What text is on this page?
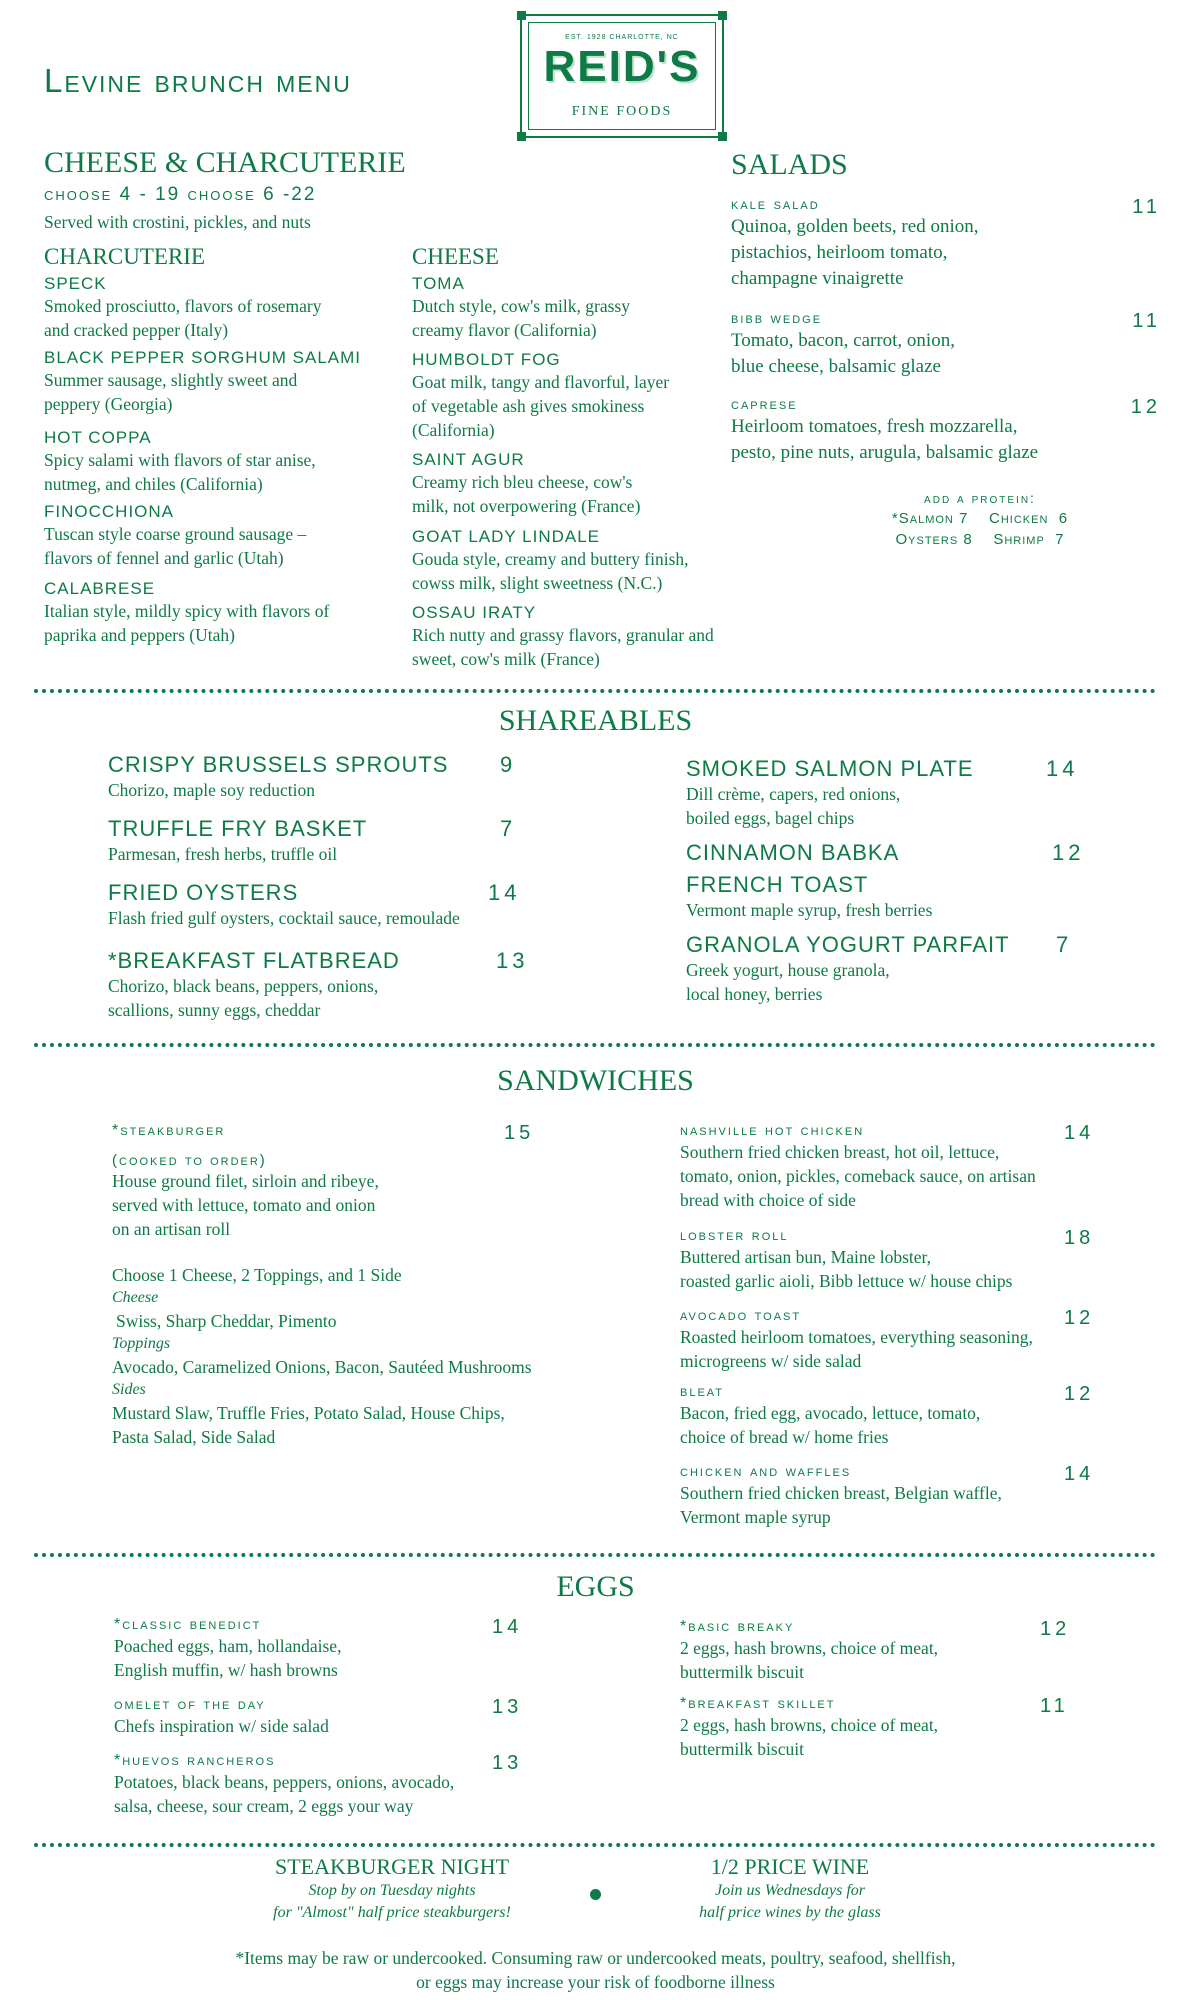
Levine brunch menu
EST. 1928 CHARLOTTE, NC
REID'S
FINE FOODS
CHEESE & CHARCUTERIE
choose 4 - 19 choose 6 -22
Served with crostini, pickles, and nuts
CHARCUTERIE
SPECK
Smoked prosciutto, flavors of rosemary
and cracked pepper (Italy)
BLACK PEPPER SORGHUM SALAMI
Summer sausage, slightly sweet and
peppery (Georgia)
HOT COPPA
Spicy salami with flavors of star anise,
nutmeg, and chiles (California)
FINOCCHIONA
Tuscan style coarse ground sausage –
flavors of fennel and garlic (Utah)
CALABRESE
Italian style, mildly spicy with flavors of
paprika and peppers (Utah)
CHEESE
TOMA
Dutch style, cow's milk, grassy
creamy flavor (California)
HUMBOLDT FOG
Goat milk, tangy and flavorful, layer
of vegetable ash gives smokiness
(California)
SAINT AGUR
Creamy rich bleu cheese, cow's
milk, not overpowering (France)
GOAT LADY LINDALE
Gouda style, creamy and buttery finish,
cowss milk, slight sweetness (N.C.)
OSSAU IRATY
Rich nutty and grassy flavors, granular and
sweet, cow's milk (France)
SALADS
kale salad	11
Quinoa, golden beets, red onion,
pistachios, heirloom tomato,
champagne vinaigrette
bibb wedge	11
Tomato, bacon, carrot, onion,
blue cheese, balsamic glaze
caprese	12
Heirloom tomatoes, fresh mozzarella,
pesto, pine nuts, arugula, balsamic glaze
add a protein:
*Salmon 7    Chicken  6
Oysters 8    Shrimp  7
SHAREABLES
CRISPY BRUSSELS SPROUTS	9
Chorizo, maple soy reduction
TRUFFLE FRY BASKET	7
Parmesan, fresh herbs, truffle oil
FRIED OYSTERS	14
Flash fried gulf oysters, cocktail sauce, remoulade
*BREAKFAST FLATBREAD	13
Chorizo, black beans, peppers, onions,
scallions, sunny eggs, cheddar
SMOKED SALMON PLATE	14
Dill crème, capers, red onions,
boiled eggs, bagel chips
CINNAMON BABKA	12
FRENCH TOAST
Vermont maple syrup, fresh berries
GRANOLA YOGURT PARFAIT	7
Greek yogurt, house granola,
local honey, berries
SANDWICHES
*steakburger	15
(cooked to order)
House ground filet, sirloin and ribeye,
served with lettuce, tomato and onion
on an artisan roll
Choose 1 Cheese, 2 Toppings, and 1 Side
Cheese
Swiss, Sharp Cheddar, Pimento
Toppings
Avocado, Caramelized Onions, Bacon, Sautéed Mushrooms
Sides
Mustard Slaw, Truffle Fries, Potato Salad, House Chips,
Pasta Salad, Side Salad
nashville hot chicken	14
Southern fried chicken breast, hot oil, lettuce,
tomato, onion, pickles, comeback sauce, on artisan
bread with choice of side
lobster roll	18
Buttered artisan bun, Maine lobster,
roasted garlic aioli, Bibb lettuce w/ house chips
avocado toast	12
Roasted heirloom tomatoes, everything seasoning,
microgreens w/ side salad
bleat	12
Bacon, fried egg, avocado, lettuce, tomato,
choice of bread w/ home fries
chicken and waffles	14
Southern fried chicken breast, Belgian waffle,
Vermont maple syrup
EGGS
*classic benedict	14
Poached eggs, ham, hollandaise,
English muffin, w/ hash browns
omelet of the day	13
Chefs inspiration w/ side salad
*huevos rancheros	13
Potatoes, black beans, peppers, onions, avocado,
salsa, cheese, sour cream, 2 eggs your way
*basic breaky	12
2 eggs, hash browns, choice of meat,
buttermilk biscuit
*breakfast skillet	11
2 eggs, hash browns, choice of meat,
buttermilk biscuit
STEAKBURGER NIGHT
Stop by on Tuesday nights
for "Almost" half price steakburgers!
1/2 PRICE WINE
Join us Wednesdays for
half price wines by the glass
*Items may be raw or undercooked. Consuming raw or undercooked meats, poultry, seafood, shellfish,
or eggs may increase your risk of foodborne illness
